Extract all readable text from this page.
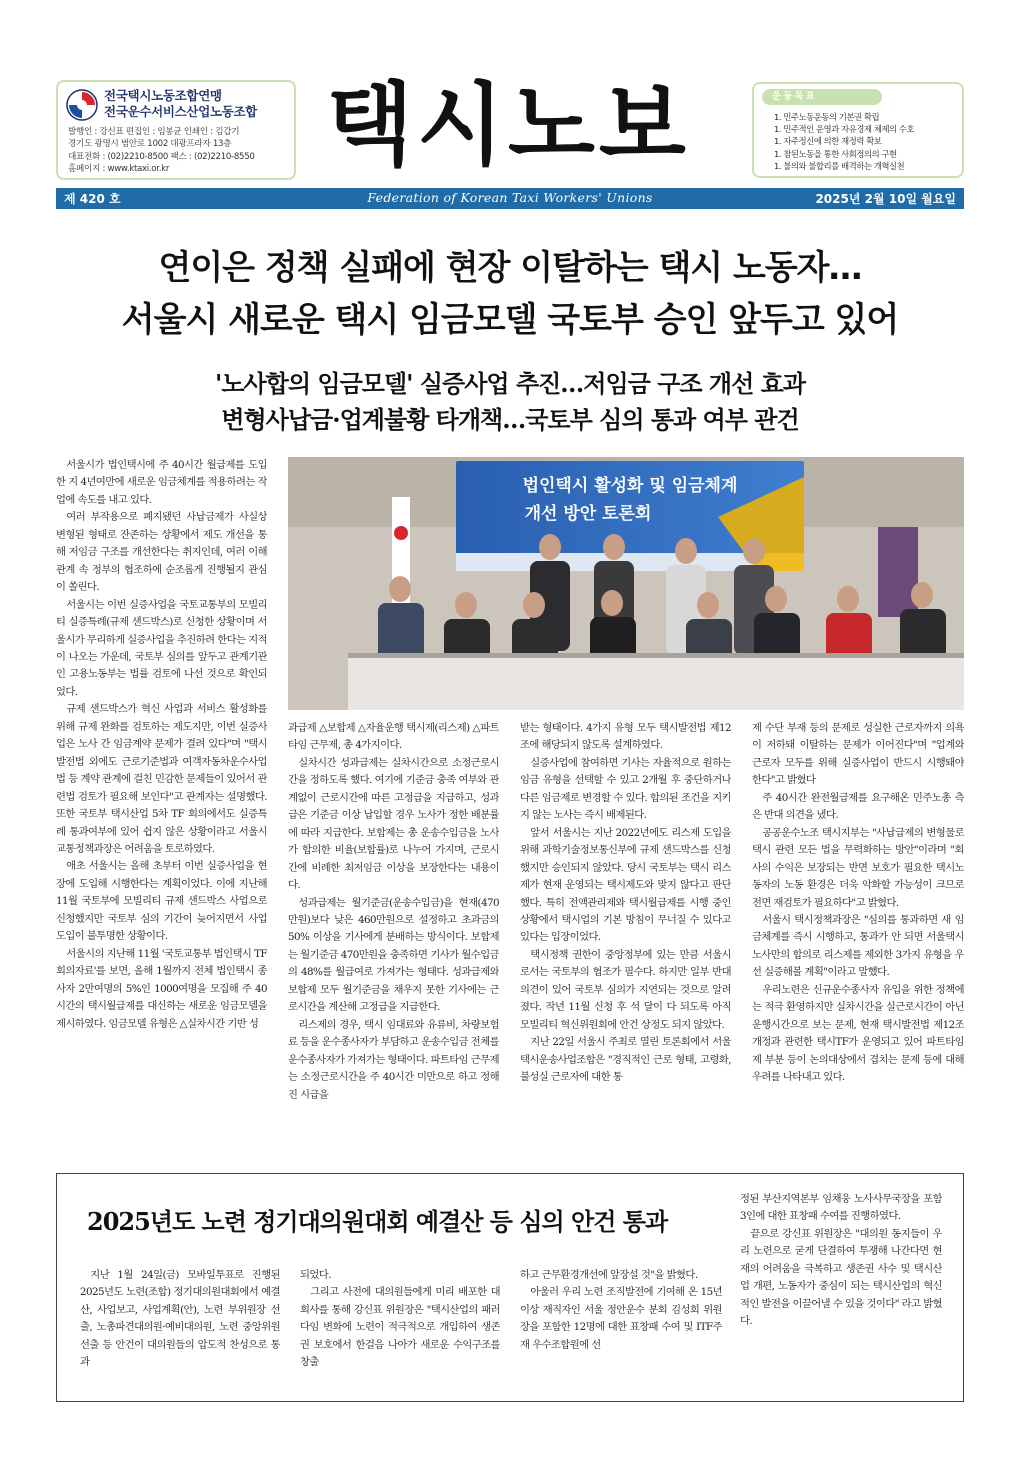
전국택시노동조합연맹
전국운수서비스산업노동조합
발행인 : 강신표 편집인 : 임봉균 인쇄인 : 김갑기
경기도 광명시 범안로 1002 대광프라자 13층
대표전화 : (02)2210-8500 팩스 : (02)2210-8550
홈페이지 : www.ktaxi.or.kr	택시노보	운동목표
1. 민주노동운동의 기본권 확립
1. 민주적인 운영과 자유경제 체제의 수호
1. 자주정신에 의한 재정력 확보
1. 참된노동을 통한 사회정의의 구현
1. 불의와 불합리를 배격하는 개혁실천
Federation of Korean Taxi Workers' Unions
제 420 호	2025년 2월 10일 월요일
연이은 정책 실패에 현장 이탈하는 택시 노동자…
서울시 새로운 택시 임금모델 국토부 승인 앞두고 있어
'노사합의 임금모델' 실증사업 추진…저임금 구조 개선 효과
변형사납금·업계불황 타개책…국토부 심의 통과 여부 관건
법인택시 활성화 및 임금체계
개선 방안 토론회

서울시가 법인택시에 주 40시간 월급제를 도입한 지 4년여만에 새로운 임금체계를 적용하려는 작업에 속도를 내고 있다.

여러 부작용으로 폐지됐던 사납금제가 사실상 변형된 형태로 잔존하는 상황에서 제도 개선을 통해 저임금 구조를 개선한다는 취지인데, 여러 이해관계 속 정부의 협조하에 순조롭게 진행될지 관심이 쏠린다.

서울시는 이번 실증사업을 국토교통부의 모빌리티 실증특례(규제 샌드박스)로 신청한 상황이며 서울시가 무리하게 실증사업을 추진하려 한다는 지적이 나오는 가운데, 국토부 심의를 앞두고 관계기관인 고용노동부는 법률 검토에 나선 것으로 확인되었다.

규제 샌드박스가 혁신 사업과 서비스 활성화를 위해 규제 완화를 검토하는 제도지만, 이번 실증사업은 노사 간 임금계약 문제가 결려 있다"며 "택시발전법 외에도 근로기준법과 여객자동차운수사업법 등 계약 관계에 걸친 민감한 문제들이 있어서 관련법 검토가 필요해 보인다"고 관계자는 설명했다. 또한 국토부 택시산업 5차 TF 회의에서도 실증특례 통과여부에 있어 쉽지 않은 상황이라고 서울시 교통정책과장은 어려움을 토로하였다.

애초 서울시는 올해 초부터 이번 실증사업을 현장에 도입해 시행한다는 계획이었다. 이에 지난해 11월 국토부에 모빌리티 규제 샌드박스 사업으로 신청했지만 국토부 심의 기간이 늦어지면서 사업 도입이 불투명한 상황이다.

서울시의 지난해 11월 '국토교통부 법인택시 TF 회의자료'를 보면, 올해 1월까지 전체 법인택시 종사자 2만여명의 5%인 1000여명을 모집해 주 40시간의 택시월급제를 대신하는 새로운 임금모델을 제시하였다. 임금모델 유형은 △실차시간 기반 성

과급제 △보합제 △자율운행 택시제(리스제) △파트타임 근무제, 총 4가지이다.

실차시간 성과급제는 실차시간으로 소정근로시간을 정하도록 했다. 여기에 기준금 충족 여부와 관계없이 근로시간에 따른 고정급을 지급하고, 성과급은 기준금 이상 납입할 경우 노사가 정한 배분률에 따라 지급한다. 보합제는 총 운송수입금을 노사가 합의한 비율(보합률)로 나누어 가지며, 근로시간에 비례한 최저임금 이상을 보장한다는 내용이다.

성과급제는 월기준금(운송수입금)을 현재(470만원)보다 낮은 460만원으로 설정하고 초과금의 50% 이상을 기사에게 분배하는 방식이다. 보합제는 월기준금 470만원을 충족하면 기사가 월수입금의 48%를 월급여로 가져가는 형태다. 성과급제와 보합제 모두 월기준금을 채우지 못한 기사에는 근로시간을 계산해 고정급을 지급한다.

리스제의 경우, 택시 임대료와 유류비, 차량보험료 등을 운수종사자가 부담하고 운송수입금 전체를 운수종사자가 가져가는 형태이다. 파트타임 근무제는 소정근로시간을 주 40시간 미만으로 하고 정해진 시급을

받는 형태이다. 4가지 유형 모두 택시발전법 제12조에 해당되지 않도록 설계하였다.

실증사업에 참여하면 기사는 자율적으로 원하는 임금 유형을 선택할 수 있고 2개월 후 중단하거나 다른 임금제로 변경할 수 있다. 합의된 조건을 지키지 않는 노사는 즉시 배제된다.

앞서 서울시는 지난 2022년에도 리스제 도입을 위해 과학기술정보통신부에 규제 샌드박스를 신청했지만 승인되지 않았다. 당시 국토부는 택시 리스제가 현재 운영되는 택시제도와 맞지 않다고 판단했다. 특히 전액관리제와 택시월급제를 시행 중인 상황에서 택시업의 기본 방침이 무너질 수 있다고 있다는 입장이었다.

택시정책 권한이 중앙정부에 있는 만큼 서울시로서는 국토부의 협조가 필수다. 하지만 일부 반대 의견이 있어 국토부 심의가 지연되는 것으로 알려졌다. 작년 11월 신청 후 석 달이 다 되도록 아직 모빌리티 혁신위원회에 안건 상정도 되지 않았다.

지난 22일 서울시 주최로 열린 토론회에서 서울택시운송사업조합은 "경직적인 근로 형태, 고령화, 불성실 근로자에 대한 통

제 수단 부재 등의 문제로 성실한 근로자까지 의욕이 저하돼 이탈하는 문제가 이어진다"며 "업계와 근로자 모두를 위해 실증사업이 반드시 시행돼야 한다"고 밝혔다

주 40시간 완전월급제를 요구해온 민주노총 측은 반대 의견을 냈다.

공공운수노조 택시지부는 "사납급제의 변형물로 택시 관련 모든 법을 무력화하는 방안"이라며 "회사의 수익은 보장되는 반면 보호가 필요한 택시노동자의 노동 환경은 더욱 악화할 가능성이 크므로 전면 재검토가 필요하다"고 밝혔다.

서울시 택시정책과장은 "심의를 통과하면 새 임금체계를 즉시 시행하고, 통과가 안 되면 서울택시 노사만의 합의로 리스제를 제외한 3가지 유형을 우선 실증해볼 계획"이라고 말했다.

우리노련은 신규운수종사자 유입을 위한 정책에는 적극 환영하지만 실차시간을 실근로시간이 아닌 운행시간으로 보는 문제, 현재 택시발전법 제12조 개정과 관련한 택시TF가 운영되고 있어 파트타임제 부분 등이 논의대상에서 겹치는 문제 등에 대해 우려를 나타내고 있다.

2025년도 노련 정기대의원대회 예결산 등 심의 안건 통과

지난 1월 24일(금) 모바일투표로 진행된 2025년도 노련(조합) 정기대의원대회에서 예결산, 사업보고, 사업계획(안), 노련 부위원장 선출, 노총파견대의원·예비대의원, 노련 중앙위원 선출 등 안건이 대의원들의 압도적 찬성으로 통과

되었다.

그리고 사전에 대의원들에게 미리 배포한 대회사를 통해 강신표 위원장은 "택시산업의 패러다임 변화에 노련이 적극적으로 개입하여 생존권 보호에서 한걸음 나아가 새로운 수익구조를 창출

하고 근무환경개선에 앞장설 것"을 밝혔다.

아울러 우리 노련 조직발전에 기여해 온 15년 이상 재직자인 서울 정안운수 분회 김성희 위원장을 포함한 12명에 대한 표창패 수여 및 ITF주재 우수조합원에 선

정된 부산지역본부 임채웅 노사사무국장을 포함 3인에 대한 표창패 수여를 진행하였다.

끝으로 강신표 위원장은 "대의원 동지들이 우리 노련으로 굳게 단결하여 투쟁해 나간다면 현재의 어려움을 극복하고 생존권 사수 및 택시산업 개편, 노동자가 중심이 되는 택시산업의 혁신적인 발전을 이끌어낼 수 있을 것이다" 라고 밝혔다.
